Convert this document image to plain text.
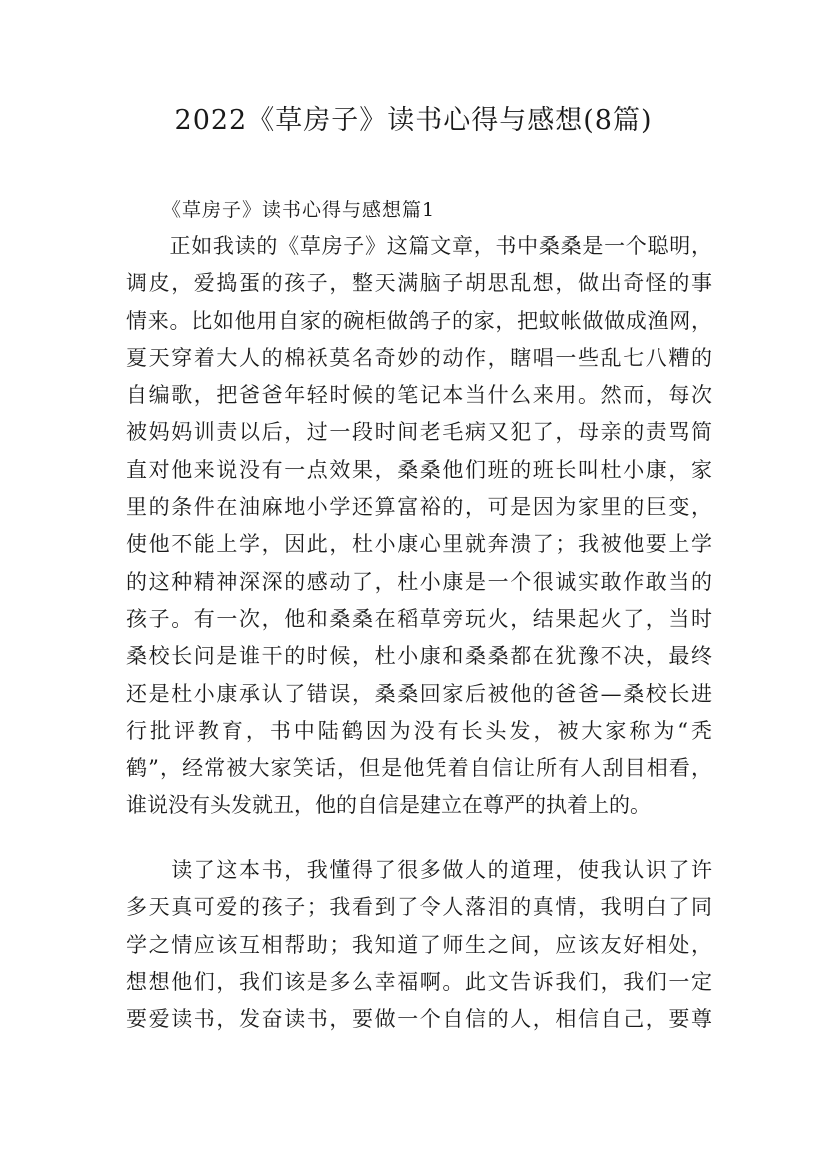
2022《草房子》读书心得与感想(8篇)
《草房子》读书心得与感想篇1
　　正如我读的《草房子》这篇文章，书中桑桑是一个聪明，
调皮，爱捣蛋的孩子，整天满脑子胡思乱想，做出奇怪的事
情来。比如他用自家的碗柜做鸽子的家，把蚊帐做做成渔网，
夏天穿着大人的棉袄莫名奇妙的动作，瞎唱一些乱七八糟的
自编歌，把爸爸年轻时候的笔记本当什么来用。然而，每次
被妈妈训责以后，过一段时间老毛病又犯了，母亲的责骂简
直对他来说没有一点效果，桑桑他们班的班长叫杜小康，家
里的条件在油麻地小学还算富裕的，可是因为家里的巨变，
使他不能上学，因此，杜小康心里就奔溃了；我被他要上学
的这种精神深深的感动了，杜小康是一个很诚实敢作敢当的
孩子。有一次，他和桑桑在稻草旁玩火，结果起火了，当时
桑校长问是谁干的时候，杜小康和桑桑都在犹豫不决，最终
还是杜小康承认了错误，桑桑回家后被他的爸爸—桑校长进
行批评教育，书中陆鹤因为没有长头发，被大家称为“秃
鹤”，经常被大家笑话，但是他凭着自信让所有人刮目相看，
谁说没有头发就丑，他的自信是建立在尊严的执着上的。
　　读了这本书，我懂得了很多做人的道理，使我认识了许
多天真可爱的孩子；我看到了令人落泪的真情，我明白了同
学之情应该互相帮助；我知道了师生之间，应该友好相处，
想想他们，我们该是多么幸福啊。此文告诉我们，我们一定
要爱读书，发奋读书，要做一个自信的人，相信自己，要尊
